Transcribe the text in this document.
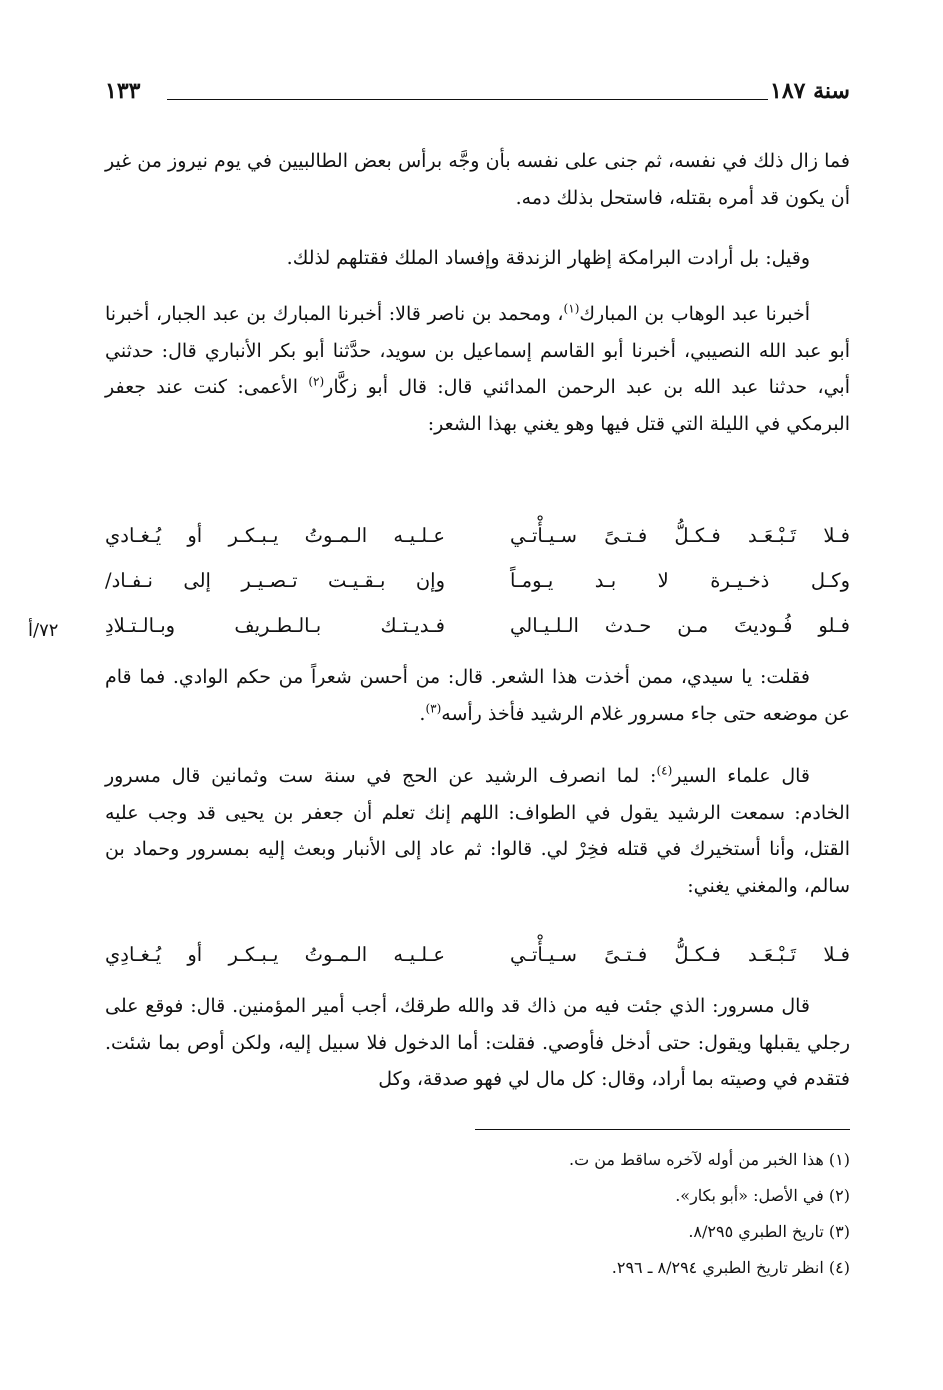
سنة ١٨٧
١٣٣

فما زال ذلك في نفسه، ثم جنى على نفسه بأن وجَّه برأس بعض الطالبيين في يوم نيروز من غير أن يكون قد أمره بقتله، فاستحل بذلك دمه.

وقيل: بل أرادت البرامكة إظهار الزندقة وإفساد الملك فقتلهم لذلك.

أخبرنا عبد الوهاب بن المبارك$^{(١)}$، ومحمد بن ناصر قالا: أخبرنا المبارك بن عبد الجبار، أخبرنا أبو عبد الله النصيبي، أخبرنا أبو القاسم إسماعيل بن سويد، حدَّثنا أبو بكر الأنباري قال: حدثني أبي، حدثنا عبد الله بن عبد الرحمن المدائني قال: قال أبو زكَّار$^{(٢)}$ الأعمى: كنت عند جعفر البرمكي في الليلة التي قتل فيها وهو يغني بهذا الشعر:

فـلا تَـبْـعَـد فـكـلُّ فـتـىً سـيـأْتـي
عـلـيـه الـمـوتُ يـبـكـر أو يُـغـادي
وكـل ذخـيـرة لا بـد يـومـاً
وإن بـقـيـت تـصـيـر إلى نـفـاد/
فـلو فُـوديتَ مـن حـدث الـلـيـالي
فـديـتـك بـالـطـريف وبـالـتـلادِ
٧٢/أ

فقلت: يا سيدي، ممن أخذت هذا الشعر. قال: من أحسن شعراً من حكم الوادي. فما قام عن موضعه حتى جاء مسرور غلام الرشيد فأخذ رأسه$^{(٣)}$.

قال علماء السير$^{(٤)}$: لما انصرف الرشيد عن الحج في سنة ست وثمانين قال مسرور الخادم: سمعت الرشيد يقول في الطواف: اللهم إنك تعلم أن جعفر بن يحيى قد وجب عليه القتل، وأنا أستخيرك في قتله فخِرْ لي. قالوا: ثم عاد إلى الأنبار وبعث إليه بمسرور وحماد بن سالم، والمغني يغني:

فـلا تَـبْـعَـد فـكـلُّ فـتـىً سـيـأْتـي
عـلـيـه الـمـوتُ يـبـكـر أو يُـغـادِي

قال مسرور: الذي جئت فيه من ذاك قد والله طرقك، أجب أمير المؤمنين. قال: فوقع على رجلي يقبلها ويقول: حتى أدخل فأوصي. فقلت: أما الدخول فلا سبيل إليه، ولكن أوص بما شئت. فتقدم في وصيته بما أراد، وقال: كل مال لي فهو صدقة، وكل

(١) هذا الخبر من أوله لآخره ساقط من ت.

(٢) في الأصل: «أبو بكار».

(٣) تاريخ الطبري ٨/٢٩٥.

(٤) انظر تاريخ الطبري ٨/٢٩٤ ـ ٢٩٦.
